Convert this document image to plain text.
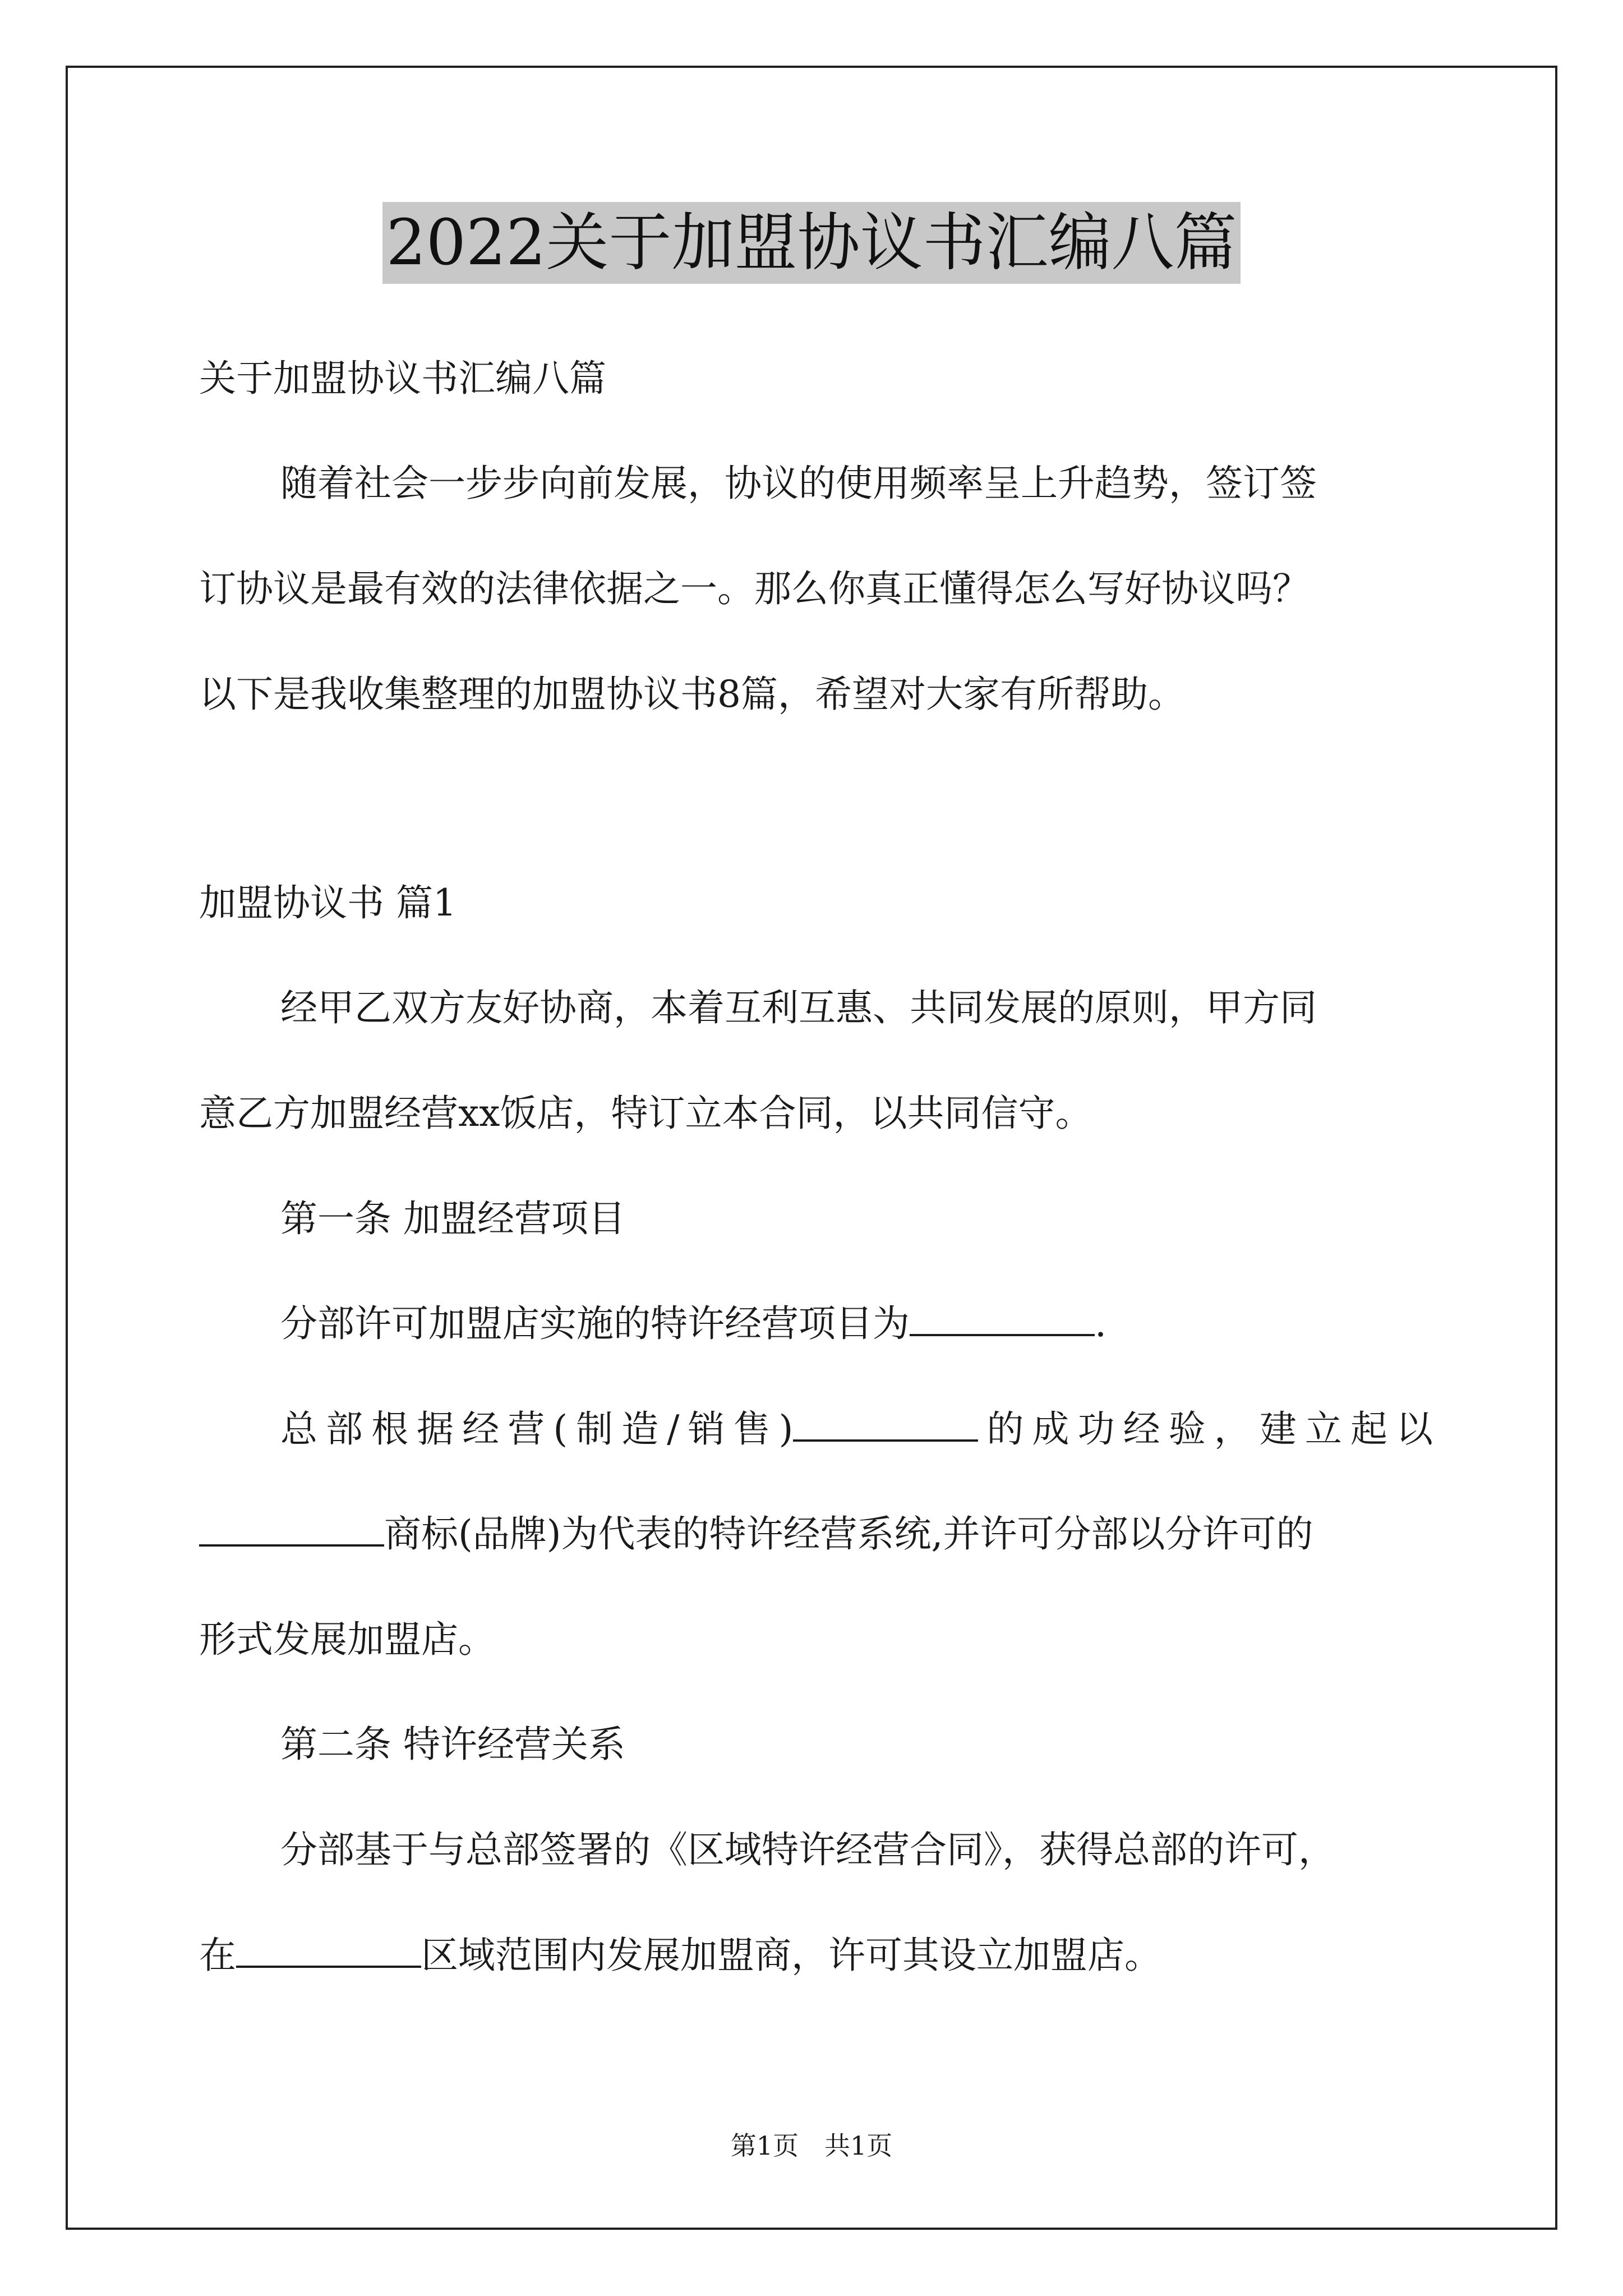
2022关于加盟协议书汇编八篇
关于加盟协议书汇编八篇
随着社会一步步向前发展，协议的使用频率呈上升趋势，签订签
订协议是最有效的法律依据之一。那么你真正懂得怎么写好协议吗？
以下是我收集整理的加盟协议书8篇，希望对大家有所帮助。
加盟协议书 篇1
经甲乙双方友好协商，本着互利互惠、共同发展的原则，甲方同
意乙方加盟经营xx饭店，特订立本合同，以共同信守。
第一条 加盟经营项目
分部许可加盟店实施的特许经营项目为	.
总部根据经营(制造/销售)	的成功经验，建立起以
商标(品牌)为代表的特许经营系统,并许可分部以分许可的
形式发展加盟店。
第二条 特许经营关系
分部基于与总部签署的《区域特许经营合同》，获得总部的许可，
在	区域范围内发展加盟商，许可其设立加盟店。
第1页　共1页
